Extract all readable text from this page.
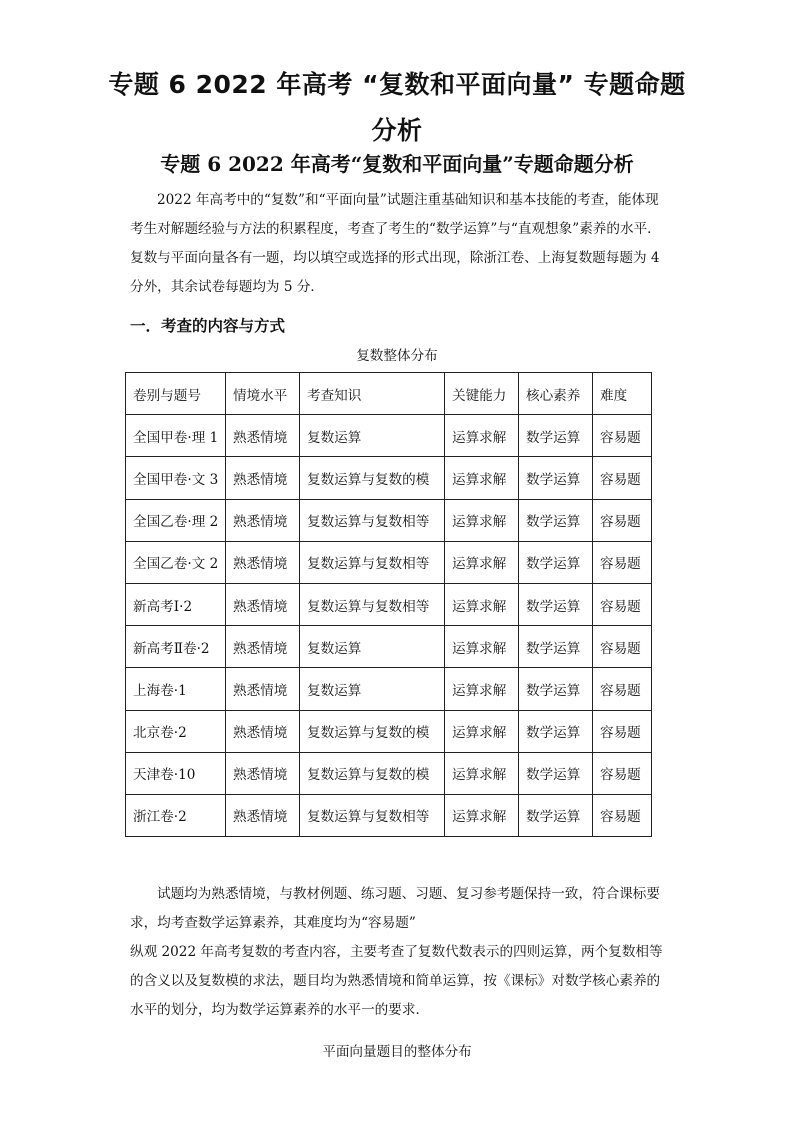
专题 6 2022 年高考 “复数和平面向量” 专题命题
分析
专题 6 2022 年高考“复数和平面向量”专题命题分析

2022 年高考中的“复数”和“平面向量”试题注重基础知识和基本技能的考查，能体现考生对解题经验与方法的积累程度，考查了考生的“数学运算”与“直观想象”素养的水平．复数与平面向量各有一题，均以填空或选择的形式出现，除浙江卷、上海复数题每题为 4 分外，其余试卷每题均为 5 分．

一．考查的内容与方式
复数整体分布
卷别与题号	情境水平	考查知识	关键能力	核心素养	难度
全国甲卷·理 1	熟悉情境	复数运算	运算求解	数学运算	容易题
全国甲卷·文 3	熟悉情境	复数运算与复数的模	运算求解	数学运算	容易题
全国乙卷·理 2	熟悉情境	复数运算与复数相等	运算求解	数学运算	容易题
全国乙卷·文 2	熟悉情境	复数运算与复数相等	运算求解	数学运算	容易题
新高考Ⅰ·2	熟悉情境	复数运算与复数相等	运算求解	数学运算	容易题
新高考Ⅱ卷·2	熟悉情境	复数运算	运算求解	数学运算	容易题
上海卷·1	熟悉情境	复数运算	运算求解	数学运算	容易题
北京卷·2	熟悉情境	复数运算与复数的模	运算求解	数学运算	容易题
天津卷·10	熟悉情境	复数运算与复数的模	运算求解	数学运算	容易题
浙江卷·2	熟悉情境	复数运算与复数相等	运算求解	数学运算	容易题

试题均为熟悉情境，与教材例题、练习题、习题、复习参考题保持一致，符合课标要求，均考查数学运算素养，其难度均为“容易题”

纵观 2022 年高考复数的考查内容，主要考查了复数代数表示的四则运算，两个复数相等的含义以及复数模的求法，题目均为熟悉情境和简单运算，按《课标》对数学核心素养的水平的划分，均为数学运算素养的水平一的要求．

平面向量题目的整体分布
